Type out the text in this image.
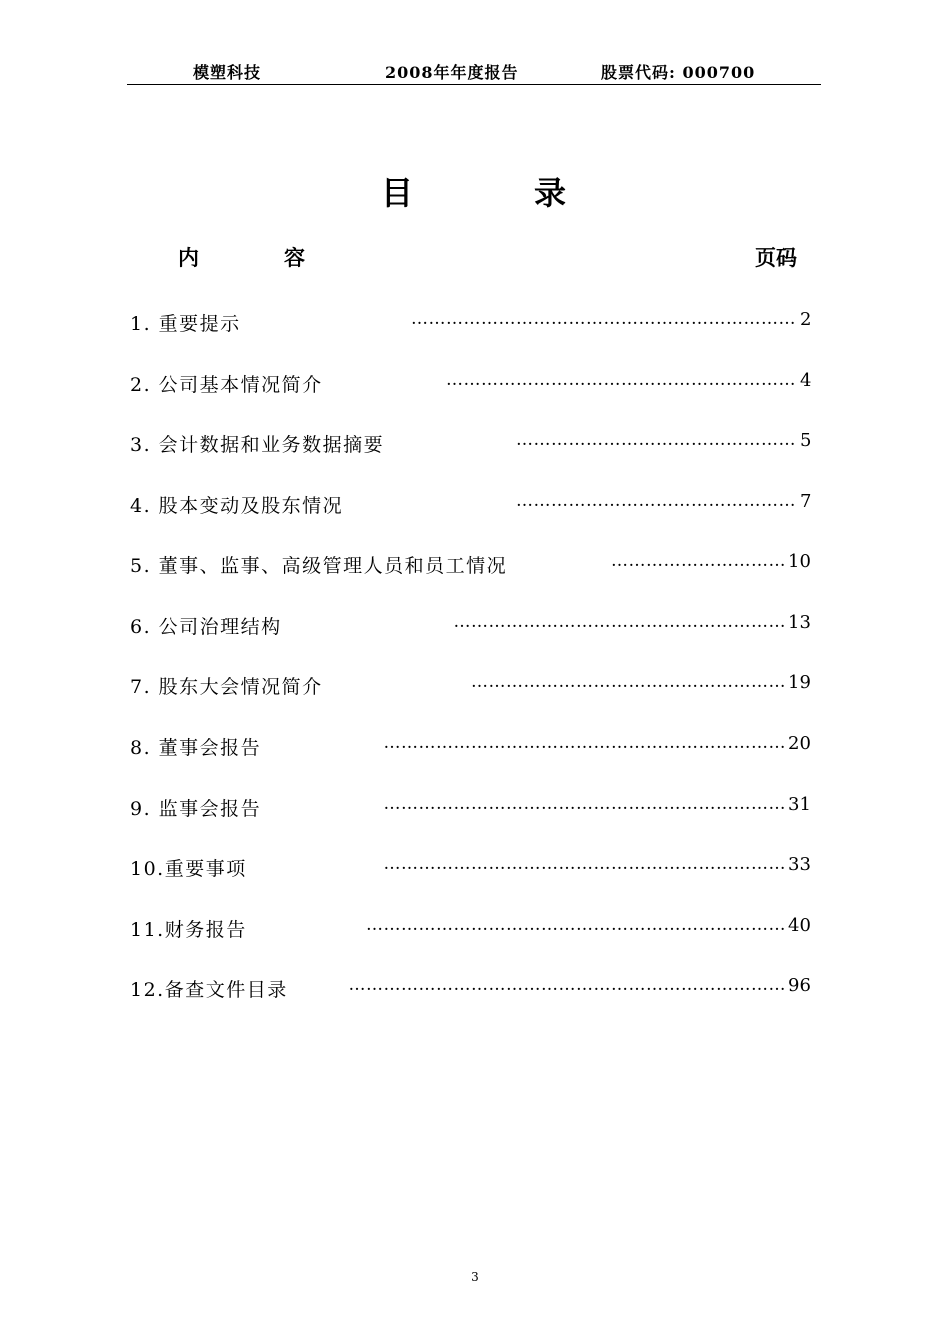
模塑科技	2008年年度报告	股票代码: 000700
目	录
内	容	页码
1. 重要提示	………………………………………………………… 2
2. 公司基本情况简介	…………………………………………………… 4
3. 会计数据和业务数据摘要	………………………………………… 5
4. 股本变动及股东情况	………………………………………… 7
5. 董事、监事、高级管理人员和员工情况	………………………… 10
6. 公司治理结构	………………………………………………… 13
7. 股东大会情况简介	……………………………………………… 19
8. 董事会报告	…………………………………………………………… 20
9. 监事会报告	…………………………………………………………… 31
10.重要事项	…………………………………………………………… 33
11.财务报告	……………………………………………………………… 40
12.备查文件目录	………………………………………………………………… 96
3
